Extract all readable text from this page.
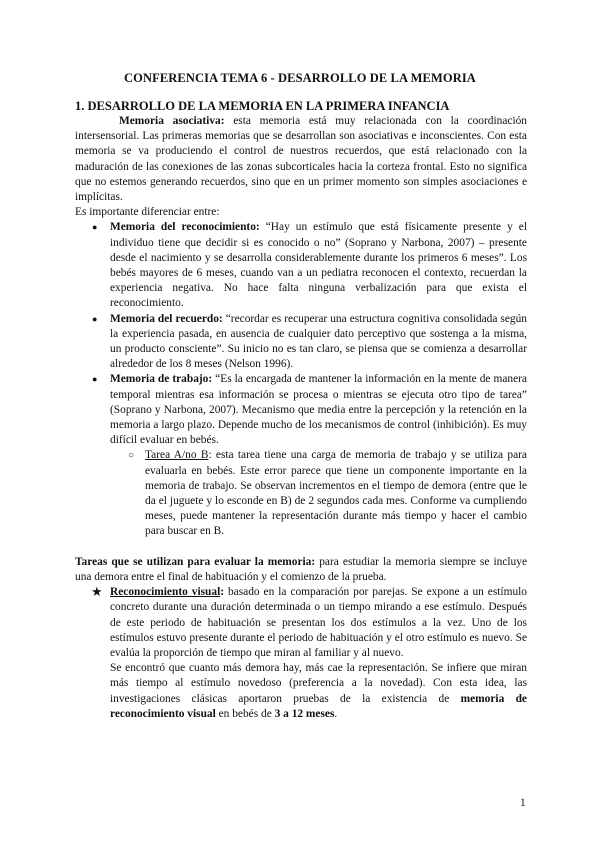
CONFERENCIA TEMA 6 - DESARROLLO DE LA MEMORIA
1. DESARROLLO DE LA MEMORIA EN LA PRIMERA INFANCIA

Memoria asociativa: esta memoria está muy relacionada con la coordinación intersensorial. Las primeras memorias que se desarrollan son asociativas e inconscientes. Con esta memoria se va produciendo el control de nuestros recuerdos, que está relacionado con la maduración de las conexiones de las zonas subcorticales hacia la corteza frontal. Esto no significa que no estemos generando recuerdos, sino que en un primer momento son simples asociaciones e implícitas.

Es importante diferenciar entre:

● Memoria del reconocimiento: “Hay un estímulo que está físicamente presente y el individuo tiene que decidir si es conocido o no” (Soprano y Narbona, 2007) – presente desde el nacimiento y se desarrolla considerablemente durante los primeros 6 meses”. Los bebés mayores de 6 meses, cuando van a un pediatra reconocen el contexto, recuerdan la experiencia negativa. No hace falta ninguna verbalización para que exista el reconocimiento.
● Memoria del recuerdo: “recordar es recuperar una estructura cognitiva consolidada según la experiencia pasada, en ausencia de cualquier dato perceptivo que sostenga a la misma, un producto consciente”. Su inicio no es tan claro, se piensa que se comienza a desarrollar alrededor de los 8 meses (Nelson 1996).
● Memoria de trabajo: “Es la encargada de mantener la información en la mente de manera temporal mientras esa información se procesa o mientras se ejecuta otro tipo de tarea” (Soprano y Narbona, 2007). Mecanismo que media entre la percepción y la retención en la memoria a largo plazo. Depende mucho de los mecanismos de control (inhibición). Es muy difícil evaluar en bebés.
○ Tarea A/no B: esta tarea tiene una carga de memoria de trabajo y se utiliza para evaluarla en bebés. Este error parece que tiene un componente importante en la memoria de trabajo. Se observan incrementos en el tiempo de demora (entre que le da el juguete y lo esconde en B) de 2 segundos cada mes. Conforme va cumpliendo meses, puede mantener la representación durante más tiempo y hacer el cambio para buscar en B.

Tareas que se utilizan para evaluar la memoria: para estudiar la memoria siempre se incluye una demora entre el final de habituación y el comienzo de la prueba.

★ Reconocimiento visual: basado en la comparación por parejas. Se expone a un estímulo concreto durante una duración determinada o un tiempo mirando a ese estímulo. Después de este periodo de habituación se presentan los dos estímulos a la vez. Uno de los estímulos estuvo presente durante el periodo de habituación y el otro estímulo es nuevo. Se evalúa la proporción de tiempo que miran al familiar y al nuevo.

Se encontró que cuanto más demora hay, más cae la representación. Se infiere que miran más tiempo al estímulo novedoso (preferencia a la novedad). Con esta idea, las investigaciones clásicas aportaron pruebas de la existencia de memoria de reconocimiento visual en bebés de 3 a 12 meses.

1
